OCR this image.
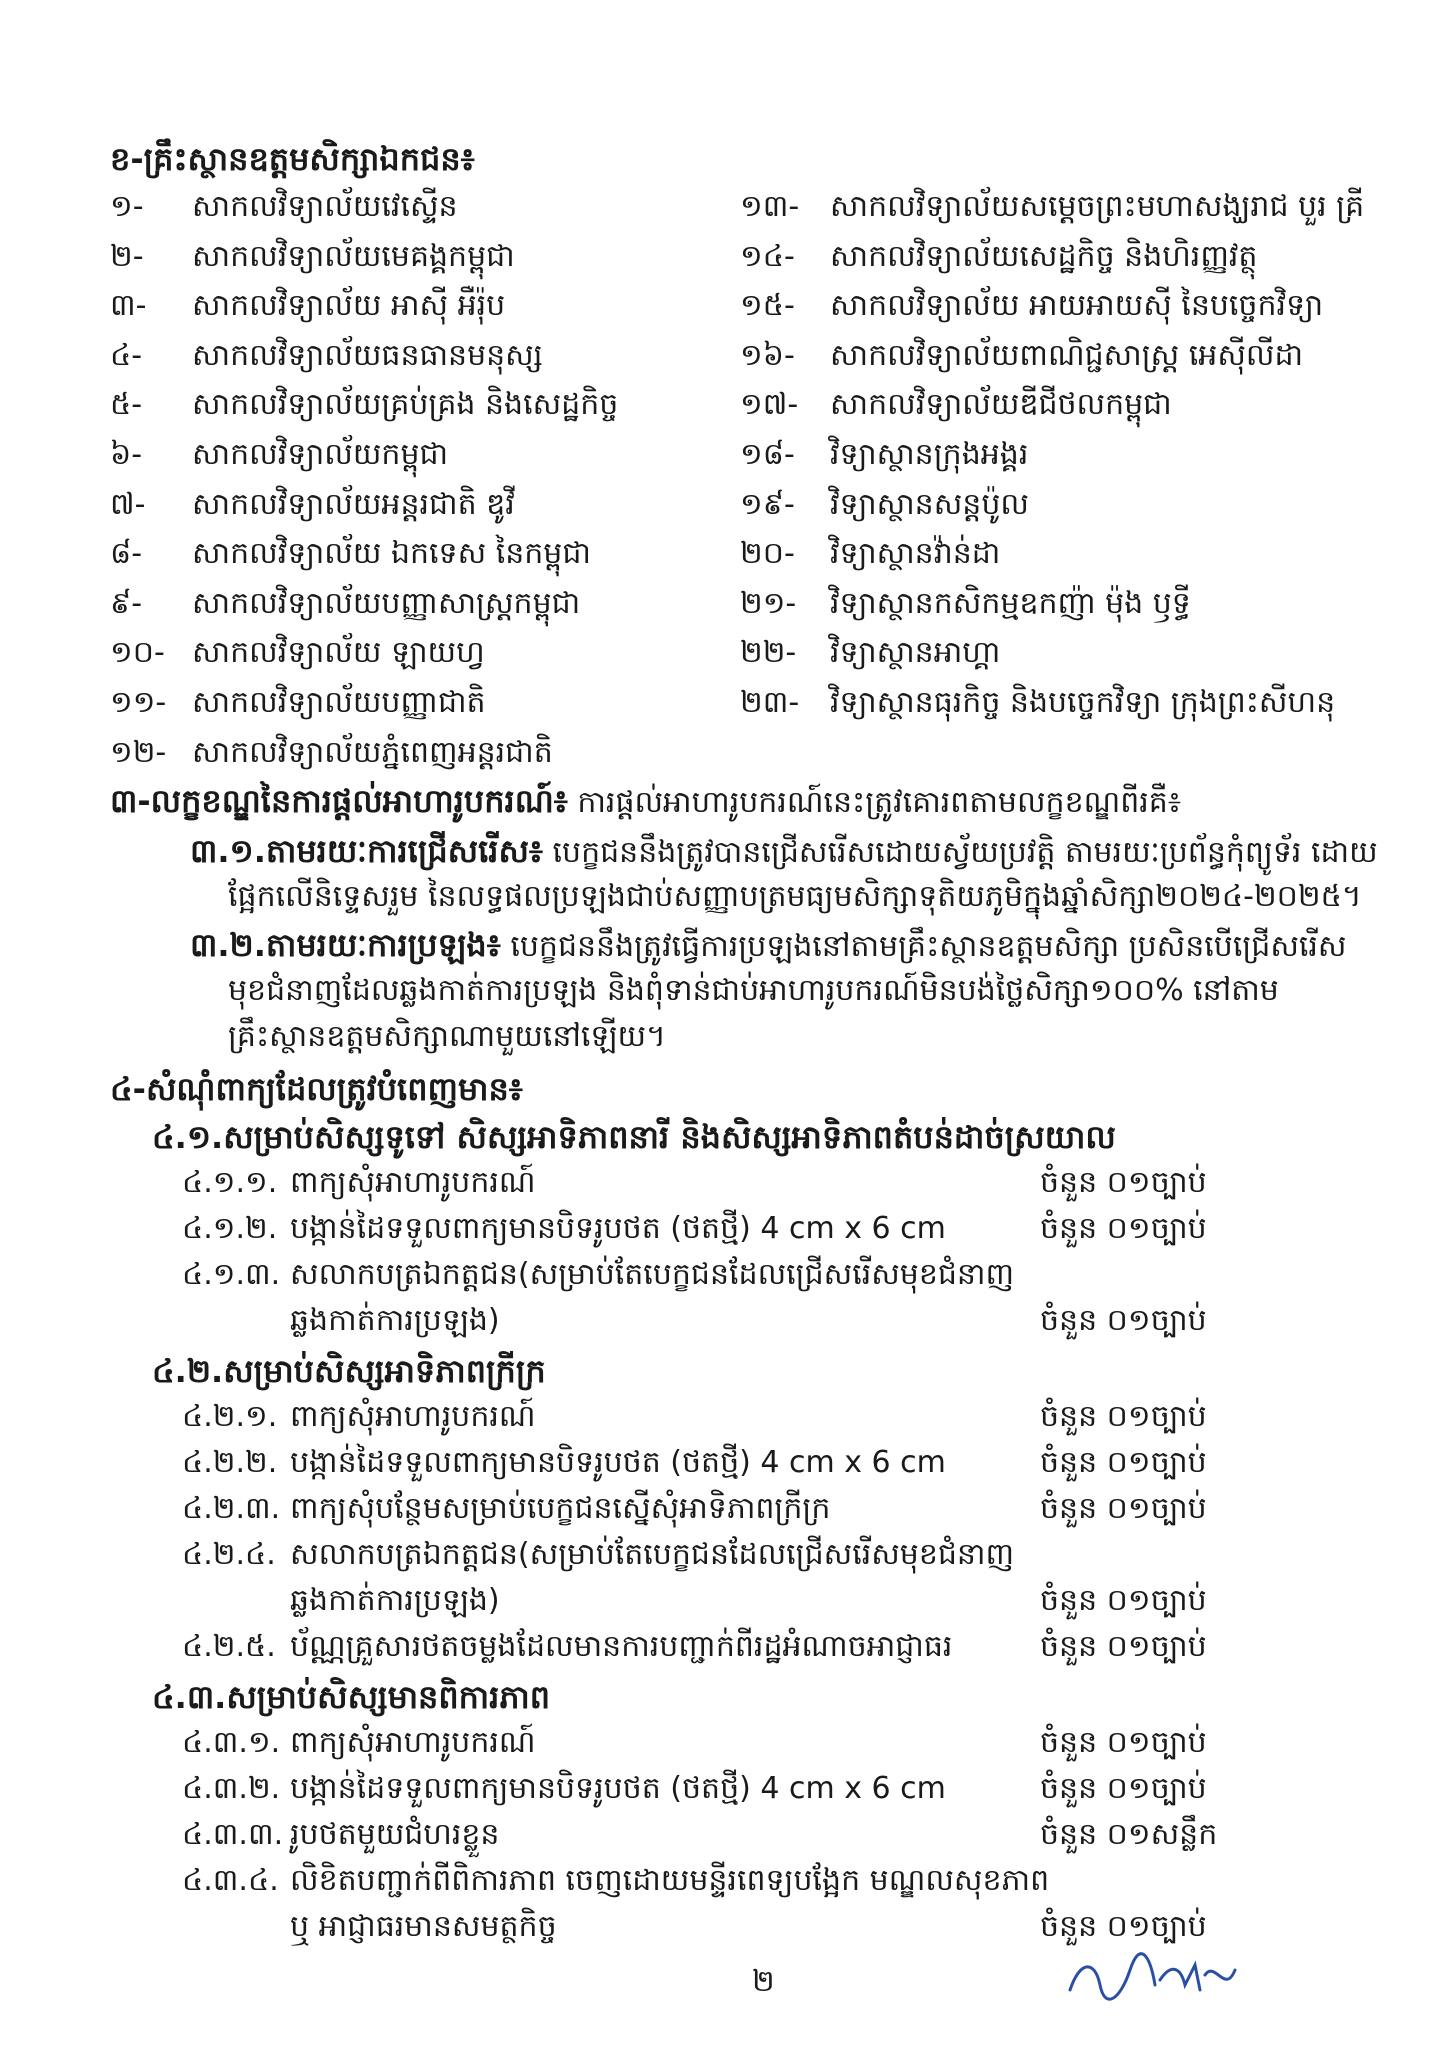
ខ-គ្រឹះស្ថានឧត្តមសិក្សាឯកជន៖
១- សាកលវិទ្យាល័យវេស្ទើន
២- សាកលវិទ្យាល័យមេគង្គកម្ពុជា
៣- សាកលវិទ្យាល័យ អាស៊ី អឺរ៉ុប
៤- សាកលវិទ្យាល័យធនធានមនុស្ស
៥- សាកលវិទ្យាល័យគ្រប់គ្រង និងសេដ្ឋកិច្ច
៦- សាកលវិទ្យាល័យកម្ពុជា
៧- សាកលវិទ្យាល័យអន្តរជាតិ ឌូវី
៨- សាកលវិទ្យាល័យ ឯកទេស នៃកម្ពុជា
៩- សាកលវិទ្យាល័យបញ្ញាសាស្ត្រកម្ពុជា
១០- សាកលវិទ្យាល័យ ឡាយហ្វ
១១- សាកលវិទ្យាល័យបញ្ញាជាតិ
១២- សាកលវិទ្យាល័យភ្នំពេញអន្តរជាតិ
១៣- សាកលវិទ្យាល័យសម្តេចព្រះមហាសង្ឃរាជ បួរ គ្រី
១៤- សាកលវិទ្យាល័យសេដ្ឋកិច្ច និងហិរញ្ញវត្ថុ
១៥- សាកលវិទ្យាល័យ អាយអាយស៊ី នៃបច្ចេកវិទ្យា
១៦- សាកលវិទ្យាល័យពាណិជ្ជសាស្ត្រ អេស៊ីលីដា
១៧- សាកលវិទ្យាល័យឌីជីថលកម្ពុជា
១៨- វិទ្យាស្ថានក្រុងអង្គរ
១៩- វិទ្យាស្ថានសន្តប៉ូល
២០- វិទ្យាស្ថានវ៉ាន់ដា
២១- វិទ្យាស្ថានកសិកម្មឧកញ៉ា ម៉ុង ឫទ្ធី
២២- វិទ្យាស្ថានអាហ្គា
២៣- វិទ្យាស្ថានធុរកិច្ច និងបច្ចេកវិទ្យា ក្រុងព្រះសីហនុ
៣-លក្ខខណ្ឌនៃការផ្តល់អាហារូបករណ៍៖ ការផ្តល់អាហារូបករណ៍នេះត្រូវគោរពតាមលក្ខខណ្ឌពីរគឺ៖
៣.១.តាមរយៈការជ្រើសរើស៖ បេក្ខជននឹងត្រូវបានជ្រើសរើសដោយស្វ័យប្រវត្តិ តាមរយៈប្រព័ន្ធកុំព្យូទ័រ ដោយ
ផ្អែកលើនិទ្ទេសរួម នៃលទ្ធផលប្រឡងជាប់សញ្ញាបត្រមធ្យមសិក្សាទុតិយភូមិក្នុងឆ្នាំសិក្សា២០២៤-២០២៥។
៣.២.តាមរយៈការប្រឡង៖ បេក្ខជននឹងត្រូវធ្វើការប្រឡងនៅតាមគ្រឹះស្ថានឧត្តមសិក្សា ប្រសិនបើជ្រើសរើស
មុខជំនាញដែលឆ្លងកាត់ការប្រឡង និងពុំទាន់ជាប់អាហារូបករណ៍មិនបង់ថ្លៃសិក្សា១០០% នៅតាម
គ្រឹះស្ថានឧត្តមសិក្សាណាមួយនៅឡើយ។
៤-សំណុំពាក្យដែលត្រូវបំពេញមាន៖
៤.១.សម្រាប់សិស្សទូទៅ សិស្សអាទិភាពនារី និងសិស្សអាទិភាពតំបន់ដាច់ស្រយាល
៤.១.១. ពាក្យសុំអាហារូបករណ៍	ចំនួន ០១ច្បាប់
៤.១.២. បង្កាន់ដៃទទួលពាក្យមានបិទរូបថត (ថតថ្មី) 4 cm x 6 cm	ចំនួន ០១ច្បាប់
៤.១.៣. សលាកបត្រឯកត្តជន(សម្រាប់តែបេក្ខជនដែលជ្រើសរើសមុខជំនាញ
ឆ្លងកាត់ការប្រឡង)	ចំនួន ០១ច្បាប់
៤.២.សម្រាប់សិស្សអាទិភាពក្រីក្រ
៤.២.១. ពាក្យសុំអាហារូបករណ៍	ចំនួន ០១ច្បាប់
៤.២.២. បង្កាន់ដៃទទួលពាក្យមានបិទរូបថត (ថតថ្មី) 4 cm x 6 cm	ចំនួន ០១ច្បាប់
៤.២.៣. ពាក្យសុំបន្ថែមសម្រាប់បេក្ខជនស្នើសុំអាទិភាពក្រីក្រ	ចំនួន ០១ច្បាប់
៤.២.៤. សលាកបត្រឯកត្តជន(សម្រាប់តែបេក្ខជនដែលជ្រើសរើសមុខជំនាញ
ឆ្លងកាត់ការប្រឡង)	ចំនួន ០១ច្បាប់
៤.២.៥. ប័ណ្ណគ្រួសារថតចម្លងដែលមានការបញ្ជាក់ពីរដ្ឋអំណាចអាជ្ញាធរ	ចំនួន ០១ច្បាប់
៤.៣.សម្រាប់សិស្សមានពិការភាព
៤.៣.១. ពាក្យសុំអាហារូបករណ៍	ចំនួន ០១ច្បាប់
៤.៣.២. បង្កាន់ដៃទទួលពាក្យមានបិទរូបថត (ថតថ្មី) 4 cm x 6 cm	ចំនួន ០១ច្បាប់
៤.៣.៣. រូបថតមួយជំហរខ្លួន	ចំនួន ០១សន្លឹក
៤.៣.៤. លិខិតបញ្ជាក់ពីពិការភាព ចេញដោយមន្ទីរពេទ្យបង្អែក មណ្ឌលសុខភាព
ឬ អាជ្ញាធរមានសមត្ថកិច្ច	ចំនួន ០១ច្បាប់
២
